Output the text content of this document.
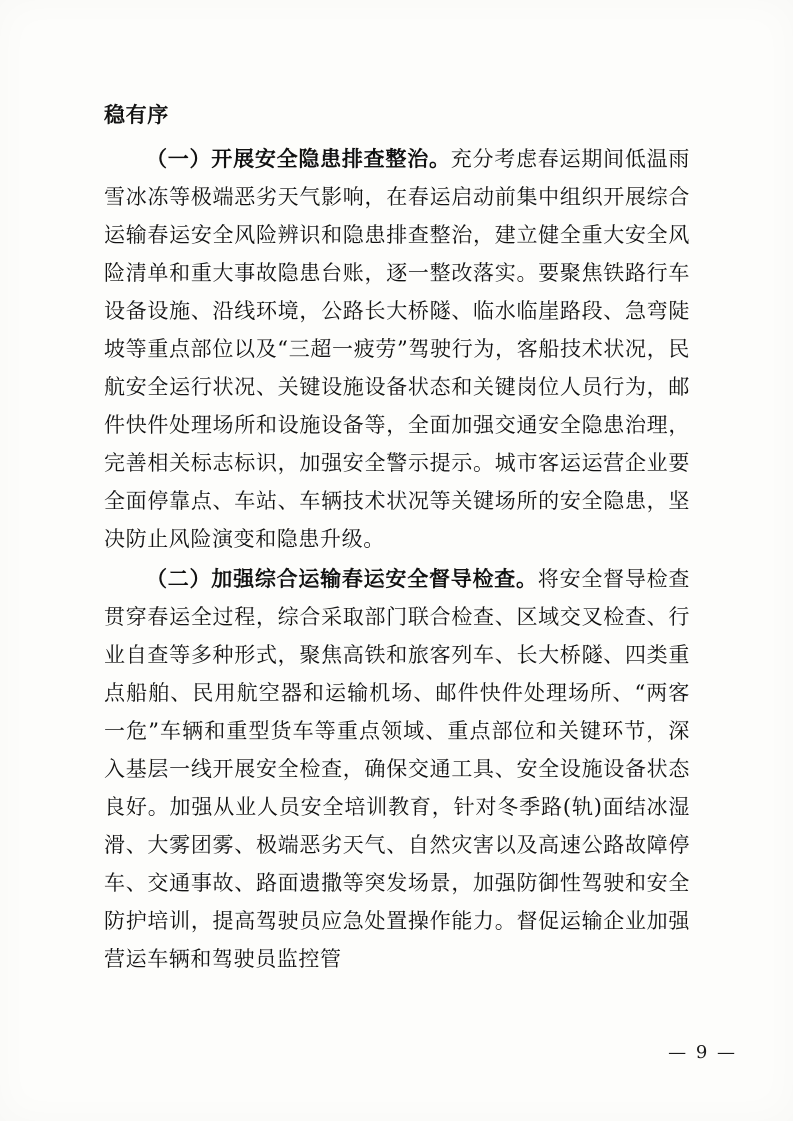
稳有序

（一）开展安全隐患排查整治。充分考虑春运期间低温雨雪冰冻等极端恶劣天气影响，在春运启动前集中组织开展综合运输春运安全风险辨识和隐患排查整治，建立健全重大安全风险清单和重大事故隐患台账，逐一整改落实。要聚焦铁路行车设备设施、沿线环境，公路长大桥隧、临水临崖路段、急弯陡坡等重点部位以及“三超一疲劳”驾驶行为，客船技术状况，民航安全运行状况、关键设施设备状态和关键岗位人员行为，邮件快件处理场所和设施设备等，全面加强交通安全隐患治理，完善相关标志标识，加强安全警示提示。城市客运运营企业要全面停靠点、车站、车辆技术状况等关键场所的安全隐患，坚决防止风险演变和隐患升级。

（二）加强综合运输春运安全督导检查。将安全督导检查贯穿春运全过程，综合采取部门联合检查、区域交叉检查、行业自查等多种形式，聚焦高铁和旅客列车、长大桥隧、四类重点船舶、民用航空器和运输机场、邮件快件处理场所、“两客一危”车辆和重型货车等重点领域、重点部位和关键环节，深入基层一线开展安全检查，确保交通工具、安全设施设备状态良好。加强从业人员安全培训教育，针对冬季路(轨)面结冰湿滑、大雾团雾、极端恶劣天气、自然灾害以及高速公路故障停车、交通事故、路面遗撒等突发场景，加强防御性驾驶和安全防护培训，提高驾驶员应急处置操作能力。督促运输企业加强营运车辆和驾驶员监控管

— 9 —
